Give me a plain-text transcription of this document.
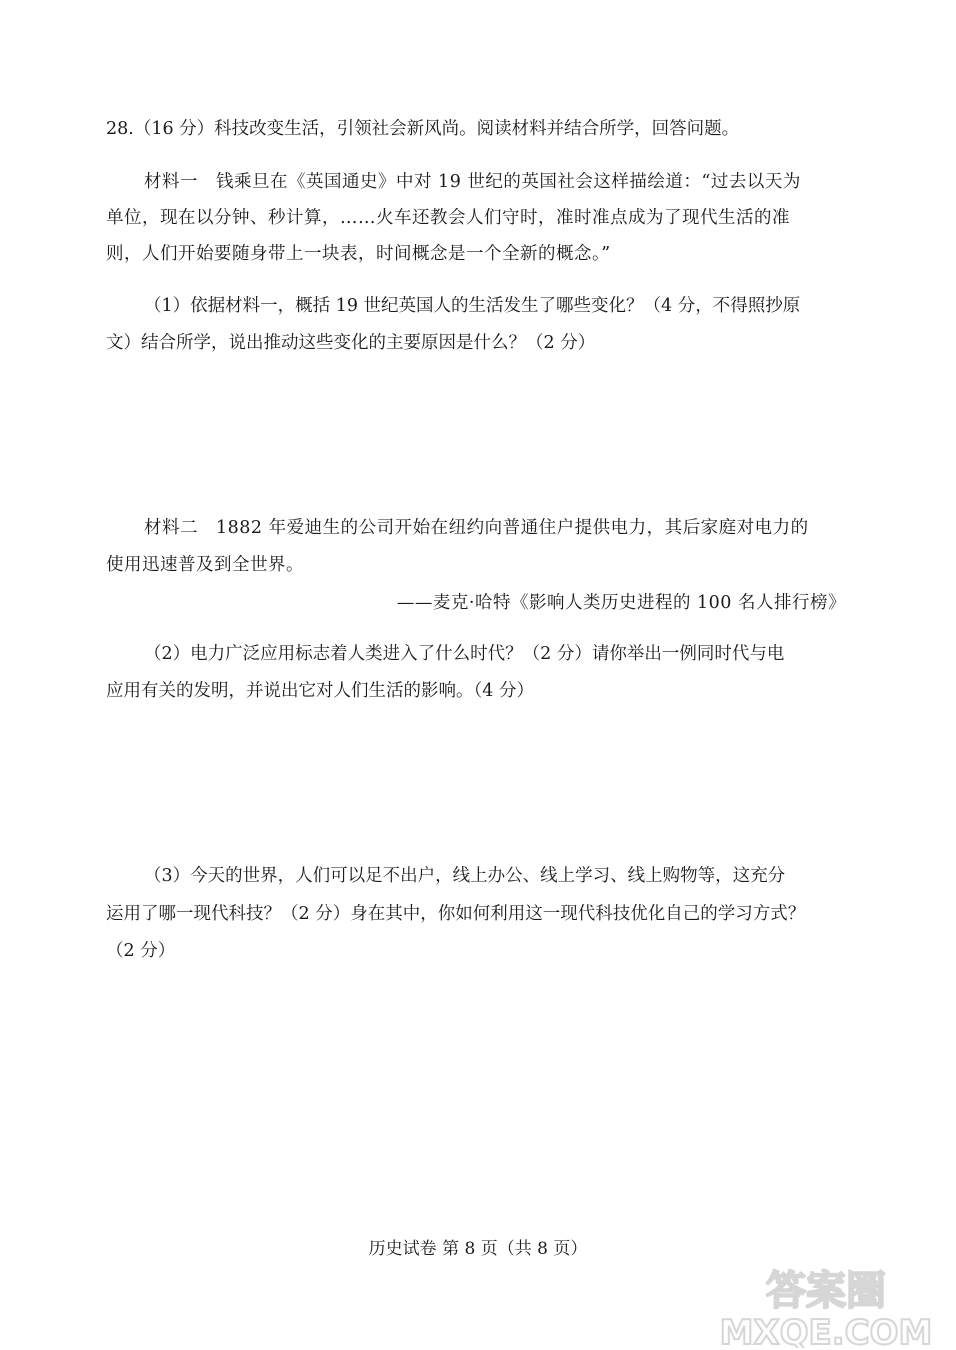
28.（16 分）科技改变生活，引领社会新风尚。阅读材料并结合所学，回答问题。
材料一　钱乘旦在《英国通史》中对 19 世纪的英国社会这样描绘道：“过去以天为
单位，现在以分钟、秒计算，……火车还教会人们守时，准时准点成为了现代生活的准
则，人们开始要随身带上一块表，时间概念是一个全新的概念。”
（1）依据材料一，概括 19 世纪英国人的生活发生了哪些变化？（4 分，不得照抄原
文）结合所学，说出推动这些变化的主要原因是什么？（2 分）
材料二　1882 年爱迪生的公司开始在纽约向普通住户提供电力，其后家庭对电力的
使用迅速普及到全世界。
——麦克·哈特《影响人类历史进程的 100 名人排行榜》
（2）电力广泛应用标志着人类进入了什么时代？（2 分）请你举出一例同时代与电
应用有关的发明，并说出它对人们生活的影响。（4 分）
（3）今天的世界，人们可以足不出户，线上办公、线上学习、线上购物等，这充分
运用了哪一现代科技？（2 分）身在其中，你如何利用这一现代科技优化自己的学习方式？
（2 分）
历史试卷 第 8 页（共 8 页）
答案圈
MXQE.COM
